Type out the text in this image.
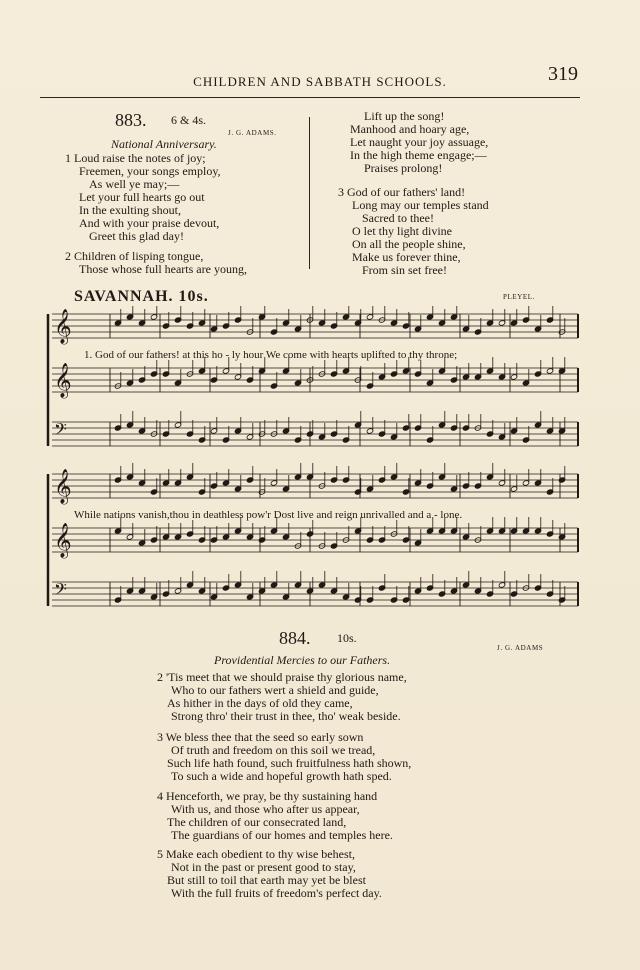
CHILDREN AND SABBATH SCHOOLS.	319
883. 6 & 4s.
J. G. ADAMS.
National Anniversary.
1 Loud raise the notes of joy;
Freemen, your songs employ,
As well ye may;—
Let your full hearts go out
In the exulting shout,
And with your praise devout,
Greet this glad day!
2 Children of lisping tongue,
Those whose full hearts are young,
Lift up the song!
Manhood and hoary age,
Let naught your joy assuage,
In the high theme engage;—
Praises prolong!
3 God of our fathers' land!
Long may our temples stand
Sacred to thee!
O let thy light divine
On all the people shine,
Make us forever thine,
From sin set free!
SAVANNAH. 10s.	PLEYEL.
𝄞
𝄞
𝄢
𝄞
𝄞
𝄢
1. God of our fathers! at this ho - ly hour We come with hearts uplifted to thy throne;
While nations vanish,thou in deathless pow'r Dost live and reign unrivalled and a - lone.
884. 10s.
J. G. ADAMS
Providential Mercies to our Fathers.
2 'Tis meet that we should praise thy glorious name,
Who to our fathers wert a shield and guide,
As hither in the days of old they came,
Strong thro' their trust in thee, tho' weak beside.
3 We bless thee that the seed so early sown
Of truth and freedom on this soil we tread,
Such life hath found, such fruitfulness hath shown,
To such a wide and hopeful growth hath sped.
4 Henceforth, we pray, be thy sustaining hand
With us, and those who after us appear,
The children of our consecrated land,
The guardians of our homes and temples here.
5 Make each obedient to thy wise behest,
Not in the past or present good to stay,
But still to toil that earth may yet be blest
With the full fruits of freedom's perfect day.
